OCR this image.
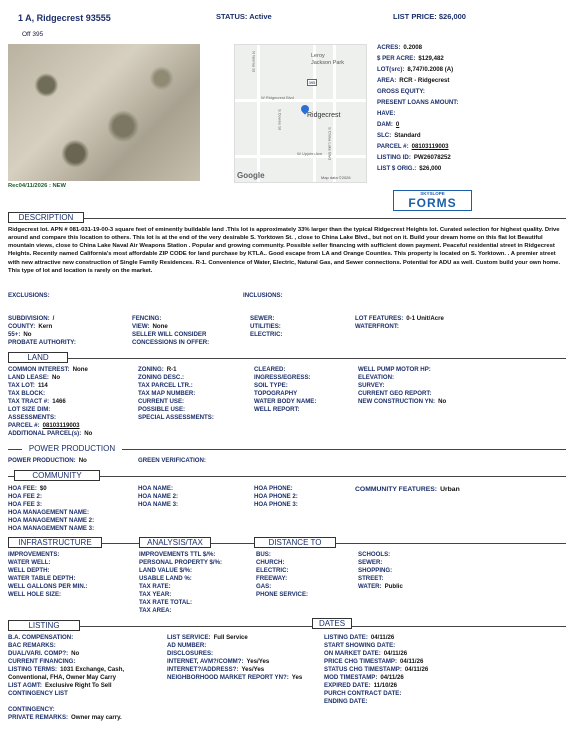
1 A, Ridgecrest 93555	STATUS: Active	LIST PRICE: $26,000
Off 395
Rec04/11/2026 : NEW
395
Leroy
Jackson Park
N Norma St
W Ridgecrest Blvd
S Downs St
S China Lake Blvd
W Upjohn Ave
Ridgecrest
Google	Map data ©2026
ACRES: 0.2008
$ PER ACRE: $129,482
LOT(src): 8,747/0.2008 (A)
AREA: RCR - Ridgecrest
GROSS EQUITY:
PRESENT LOANS AMOUNT:
HAVE:
DAM: 0
SLC: Standard
PARCEL #: 08103119003
LISTING ID: PW26078252
LIST $ ORIG.: $26,000
SKYSLOPE
FORMS
DESCRIPTION
Ridgecrest lot. APN # 081-031-19-00-3 square feet of eminently buildable land .This lot is approximately 33% larger than the typical Ridgecrest Heights lot. Curated selection for highest quality. Drive around and compare this location to others. This lot is at the end of the very desirable S. Yorktown St. , close to China Lake Blvd., but not on it. Build your dream home on this flat lot Beautiful mountain views, close to China Lake Naval Air Weapons Station . Popular and growing community. Possible seller financing with sufficient down payment. Peaceful residential street in Ridgecrest Heights. Recently named California's most affordable ZIP CODE for land purchase by KTLA.. Good escape from LA and Orange Counties. This property is located on S. Yorktown. . A premier street with new attractive new construction of Single Family Residences. R-1. Convenience of Water, Electric, Natural Gas, and Sewer connections. Potential for ADU as well. Custom build your own home. This type of lot and location is rarely on the market.
EXCLUSIONS:	INCLUSIONS:
SUBDIVISION: /
COUNTY: Kern
55+: No
PROBATE AUTHORITY:
FENCING:
VIEW: None
SELLER WILL CONSIDER
CONCESSIONS IN OFFER:
SEWER:
UTILITIES:
ELECTRIC:
LOT FEATURES: 0-1 Unit/Acre
WATERFRONT:
LAND
COMMON INTEREST: None
LAND LEASE: No
TAX LOT: 114
TAX BLOCK:
TAX TRACT #: 1466
LOT SIZE DIM:
ASSESSMENTS:
PARCEL #: 08103119003
ADDITIONAL PARCEL(s): No
ZONING: R-1
ZONING DESC.:
TAX PARCEL LTR.:
TAX MAP NUMBER:
CURRENT USE:
POSSIBLE USE:
SPECIAL ASSESSMENTS:
CLEARED:
INGRESS/EGRESS:
SOIL TYPE:
TOPOGRAPHY
WATER BODY NAME:
WELL REPORT:
WELL PUMP MOTOR HP:
ELEVATION:
SURVEY:
CURRENT GEO REPORT:
NEW CONSTRUCTION YN: No
POWER PRODUCTION
POWER PRODUCTION: No	GREEN VERIFICATION:
COMMUNITY
HOA FEE: $0
HOA FEE 2:
HOA FEE 3:
HOA MANAGEMENT NAME:
HOA MANAGEMENT NAME 2:
HOA MANAGEMENT NAME 3:
HOA NAME:
HOA NAME 2:
HOA NAME 3:
HOA PHONE:
HOA PHONE 2:
HOA PHONE 3:
COMMUNITY FEATURES: Urban
INFRASTRUCTURE	ANALYSIS/TAX	DISTANCE TO
IMPROVEMENTS:
WATER WELL:
WELL DEPTH:
WATER TABLE DEPTH:
WELL GALLONS PER MIN.:
WELL HOLE SIZE:
IMPROVEMENTS TTL $/%:
PERSONAL PROPERTY $/%:
LAND VALUE $/%:
USABLE LAND %:
TAX RATE:
TAX YEAR:
TAX RATE TOTAL:
TAX AREA:
BUS:
CHURCH:
ELECTRIC:
FREEWAY:
GAS:
PHONE SERVICE:
SCHOOLS:
SEWER:
SHOPPING:
STREET:
WATER: Public
LISTING	DATES
B.A. COMPENSATION:
BAC REMARKS:
DUAL/VARI. COMP?: No
CURRENT FINANCING:
LISTING TERMS: 1031 Exchange, Cash,
Conventional, FHA, Owner May Carry
LIST AGMT: Exclusive Right To Sell
CONTINGENCY LIST
LIST SERVICE: Full Service
AD NUMBER:
DISCLOSURES:
INTERNET, AVM?/COMM?: Yes/Yes
INTERNET?/ADDRESS?: Yes/Yes
NEIGHBORHOOD MARKET REPORT YN?: Yes
LISTING DATE: 04/11/26
START SHOWING DATE:
ON MARKET DATE: 04/11/26
PRICE CHG TIMESTAMP: 04/11/26
STATUS CHG TIMESTAMP: 04/11/26
MOD TIMESTAMP: 04/11/26
EXPIRED DATE: 11/10/26
PURCH CONTRACT DATE:
ENDING DATE:
CONTINGENCY:
PRIVATE REMARKS: Owner may carry.
